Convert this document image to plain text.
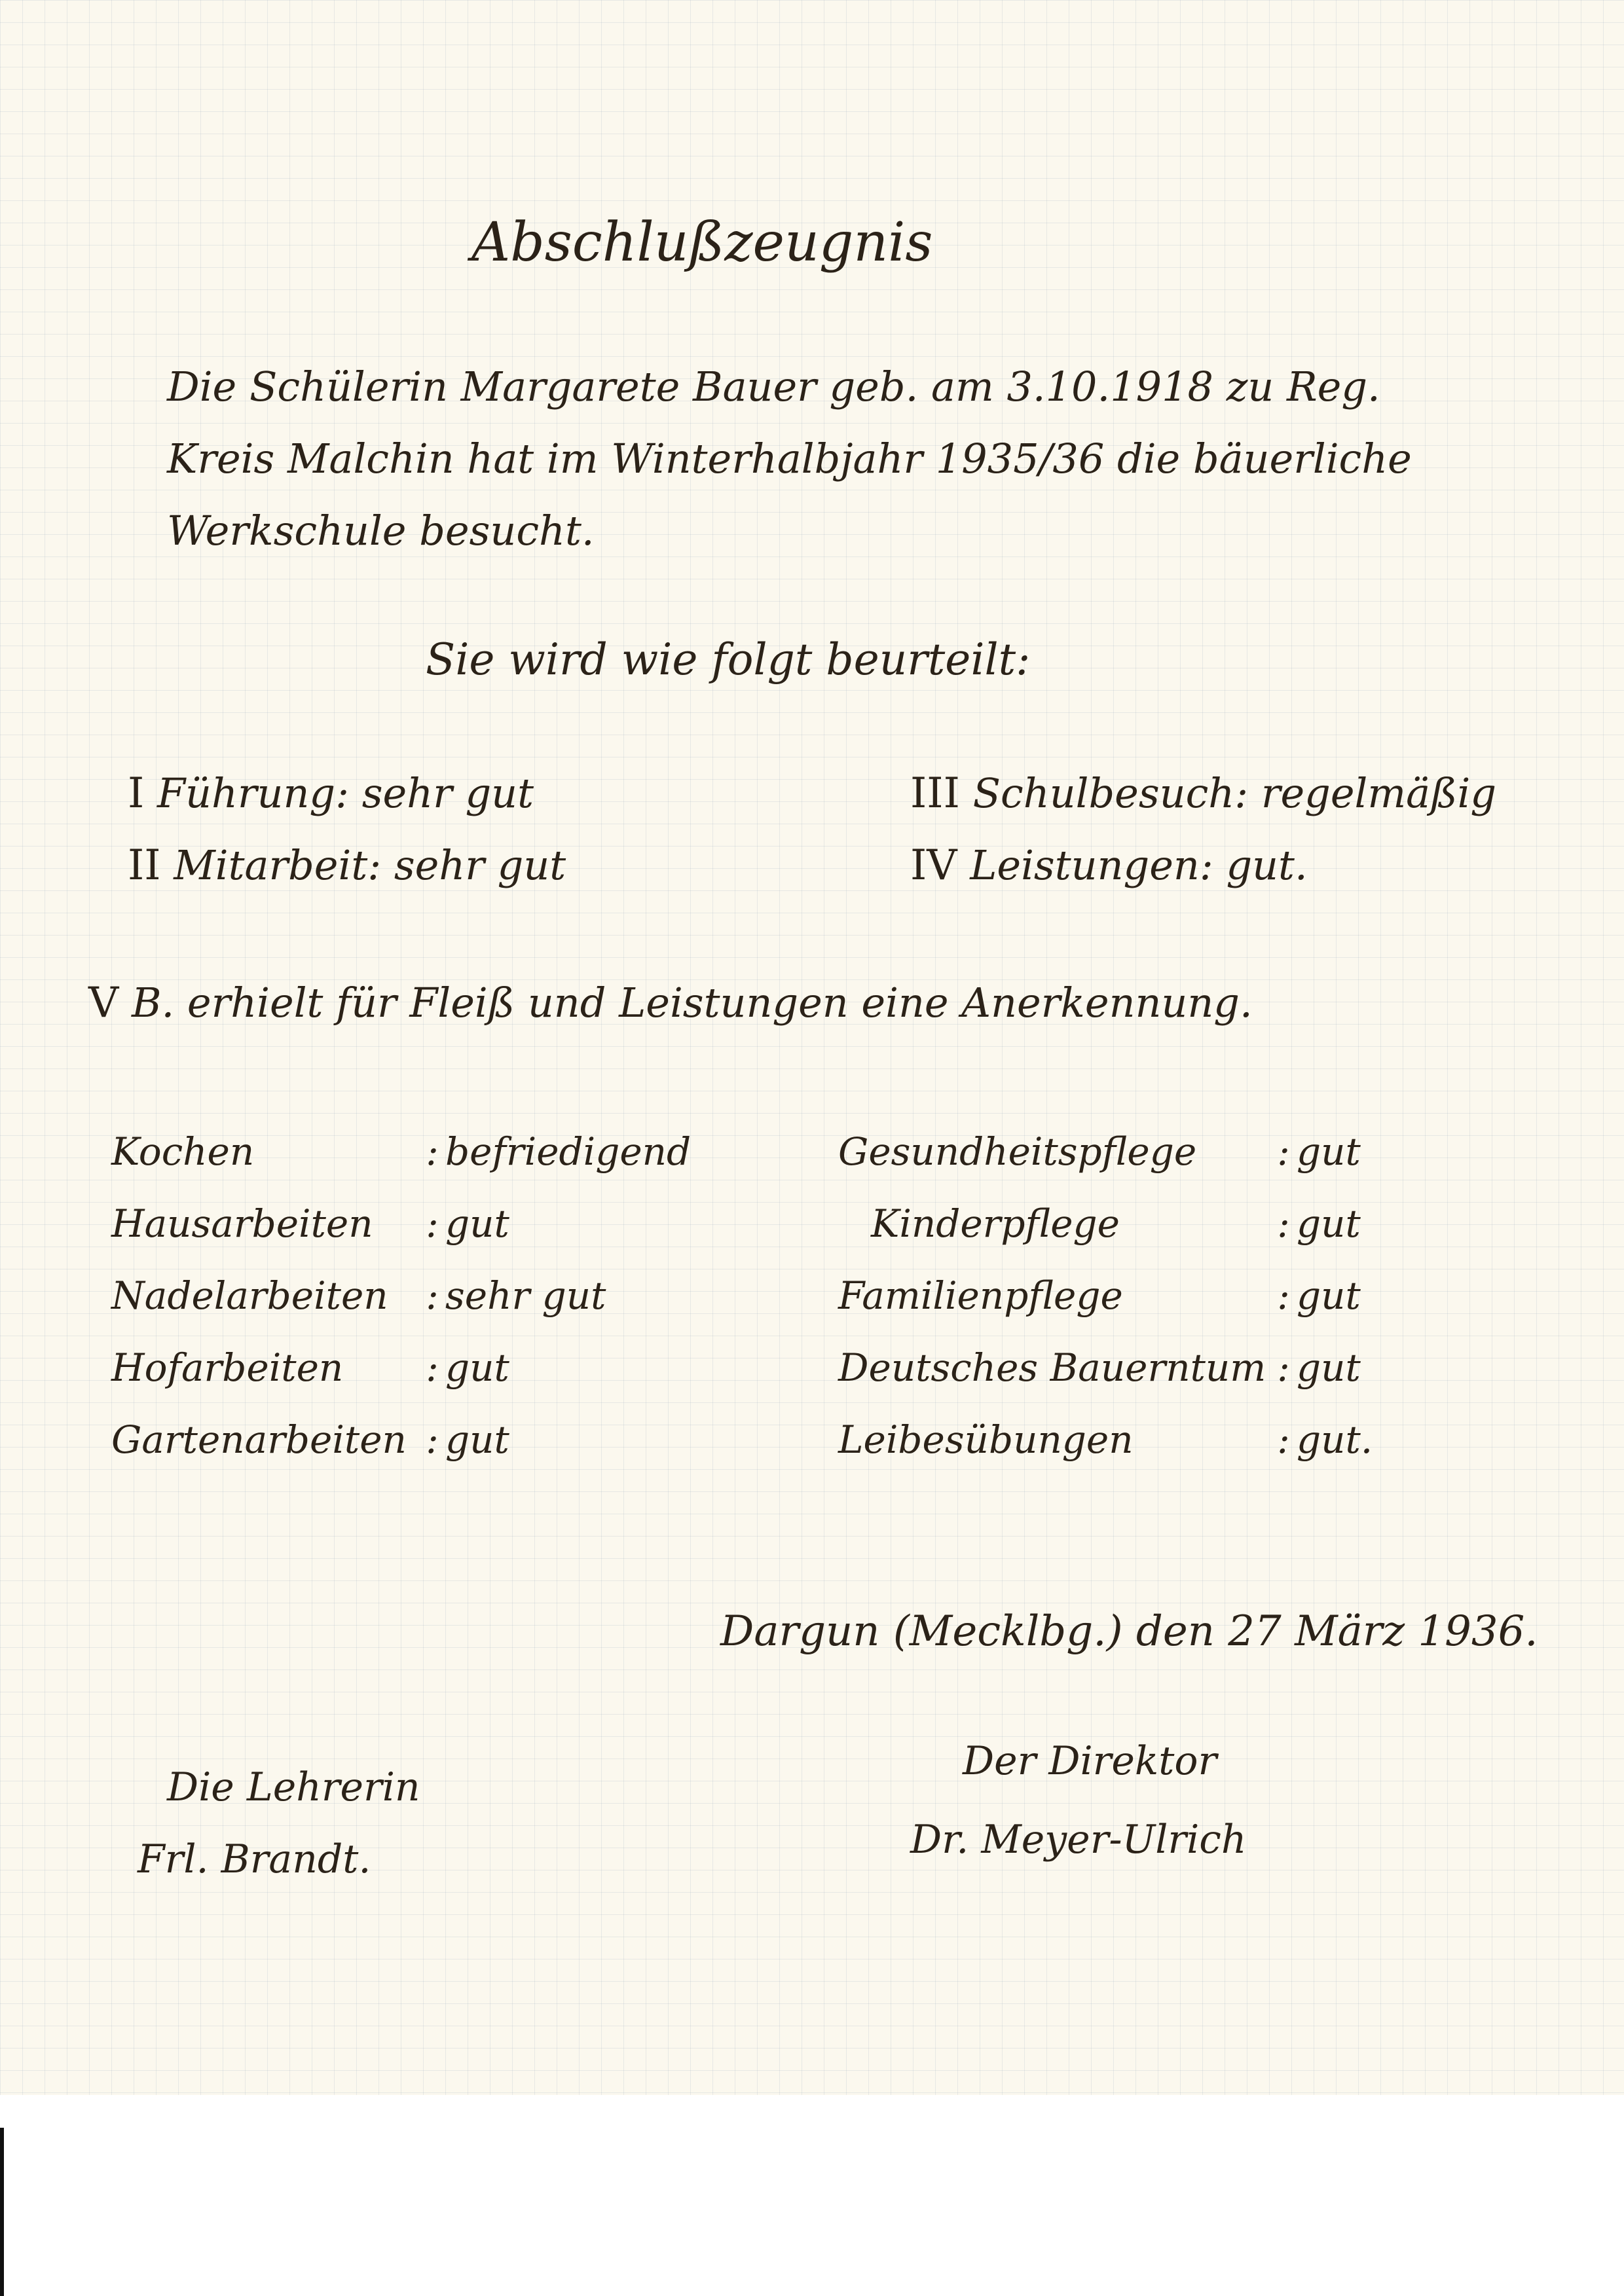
Abschlußzeugnis
Die Schülerin Margarete Bauer geb. am 3.10.1918 zu Reg.
Kreis Malchin hat im Winterhalbjahr 1935/36 die bäuerliche
Werkschule besucht.
Sie wird wie folgt beurteilt:
I Führung: sehr gut
II Mitarbeit: sehr gut
III Schulbesuch: regelmäßig
IV Leistungen: gut.
V B. erhielt für Fleiß und Leistungen eine Anerkennung.
Kochen	: befriedigend
Hausarbeiten : gut
Nadelarbeiten : sehr gut
Hofarbeiten : gut
Gartenarbeiten : gut
Gesundheitspflege : gut
Kinderpflege	: gut
Familienpflege	: gut
Deutsches Bauerntum : gut
Leibesübungen	: gut.
Dargun (Mecklbg.) den 27 März 1936.
Die Lehrerin
Frl. Brandt.
Der Direktor
Dr. Meyer-Ulrich
